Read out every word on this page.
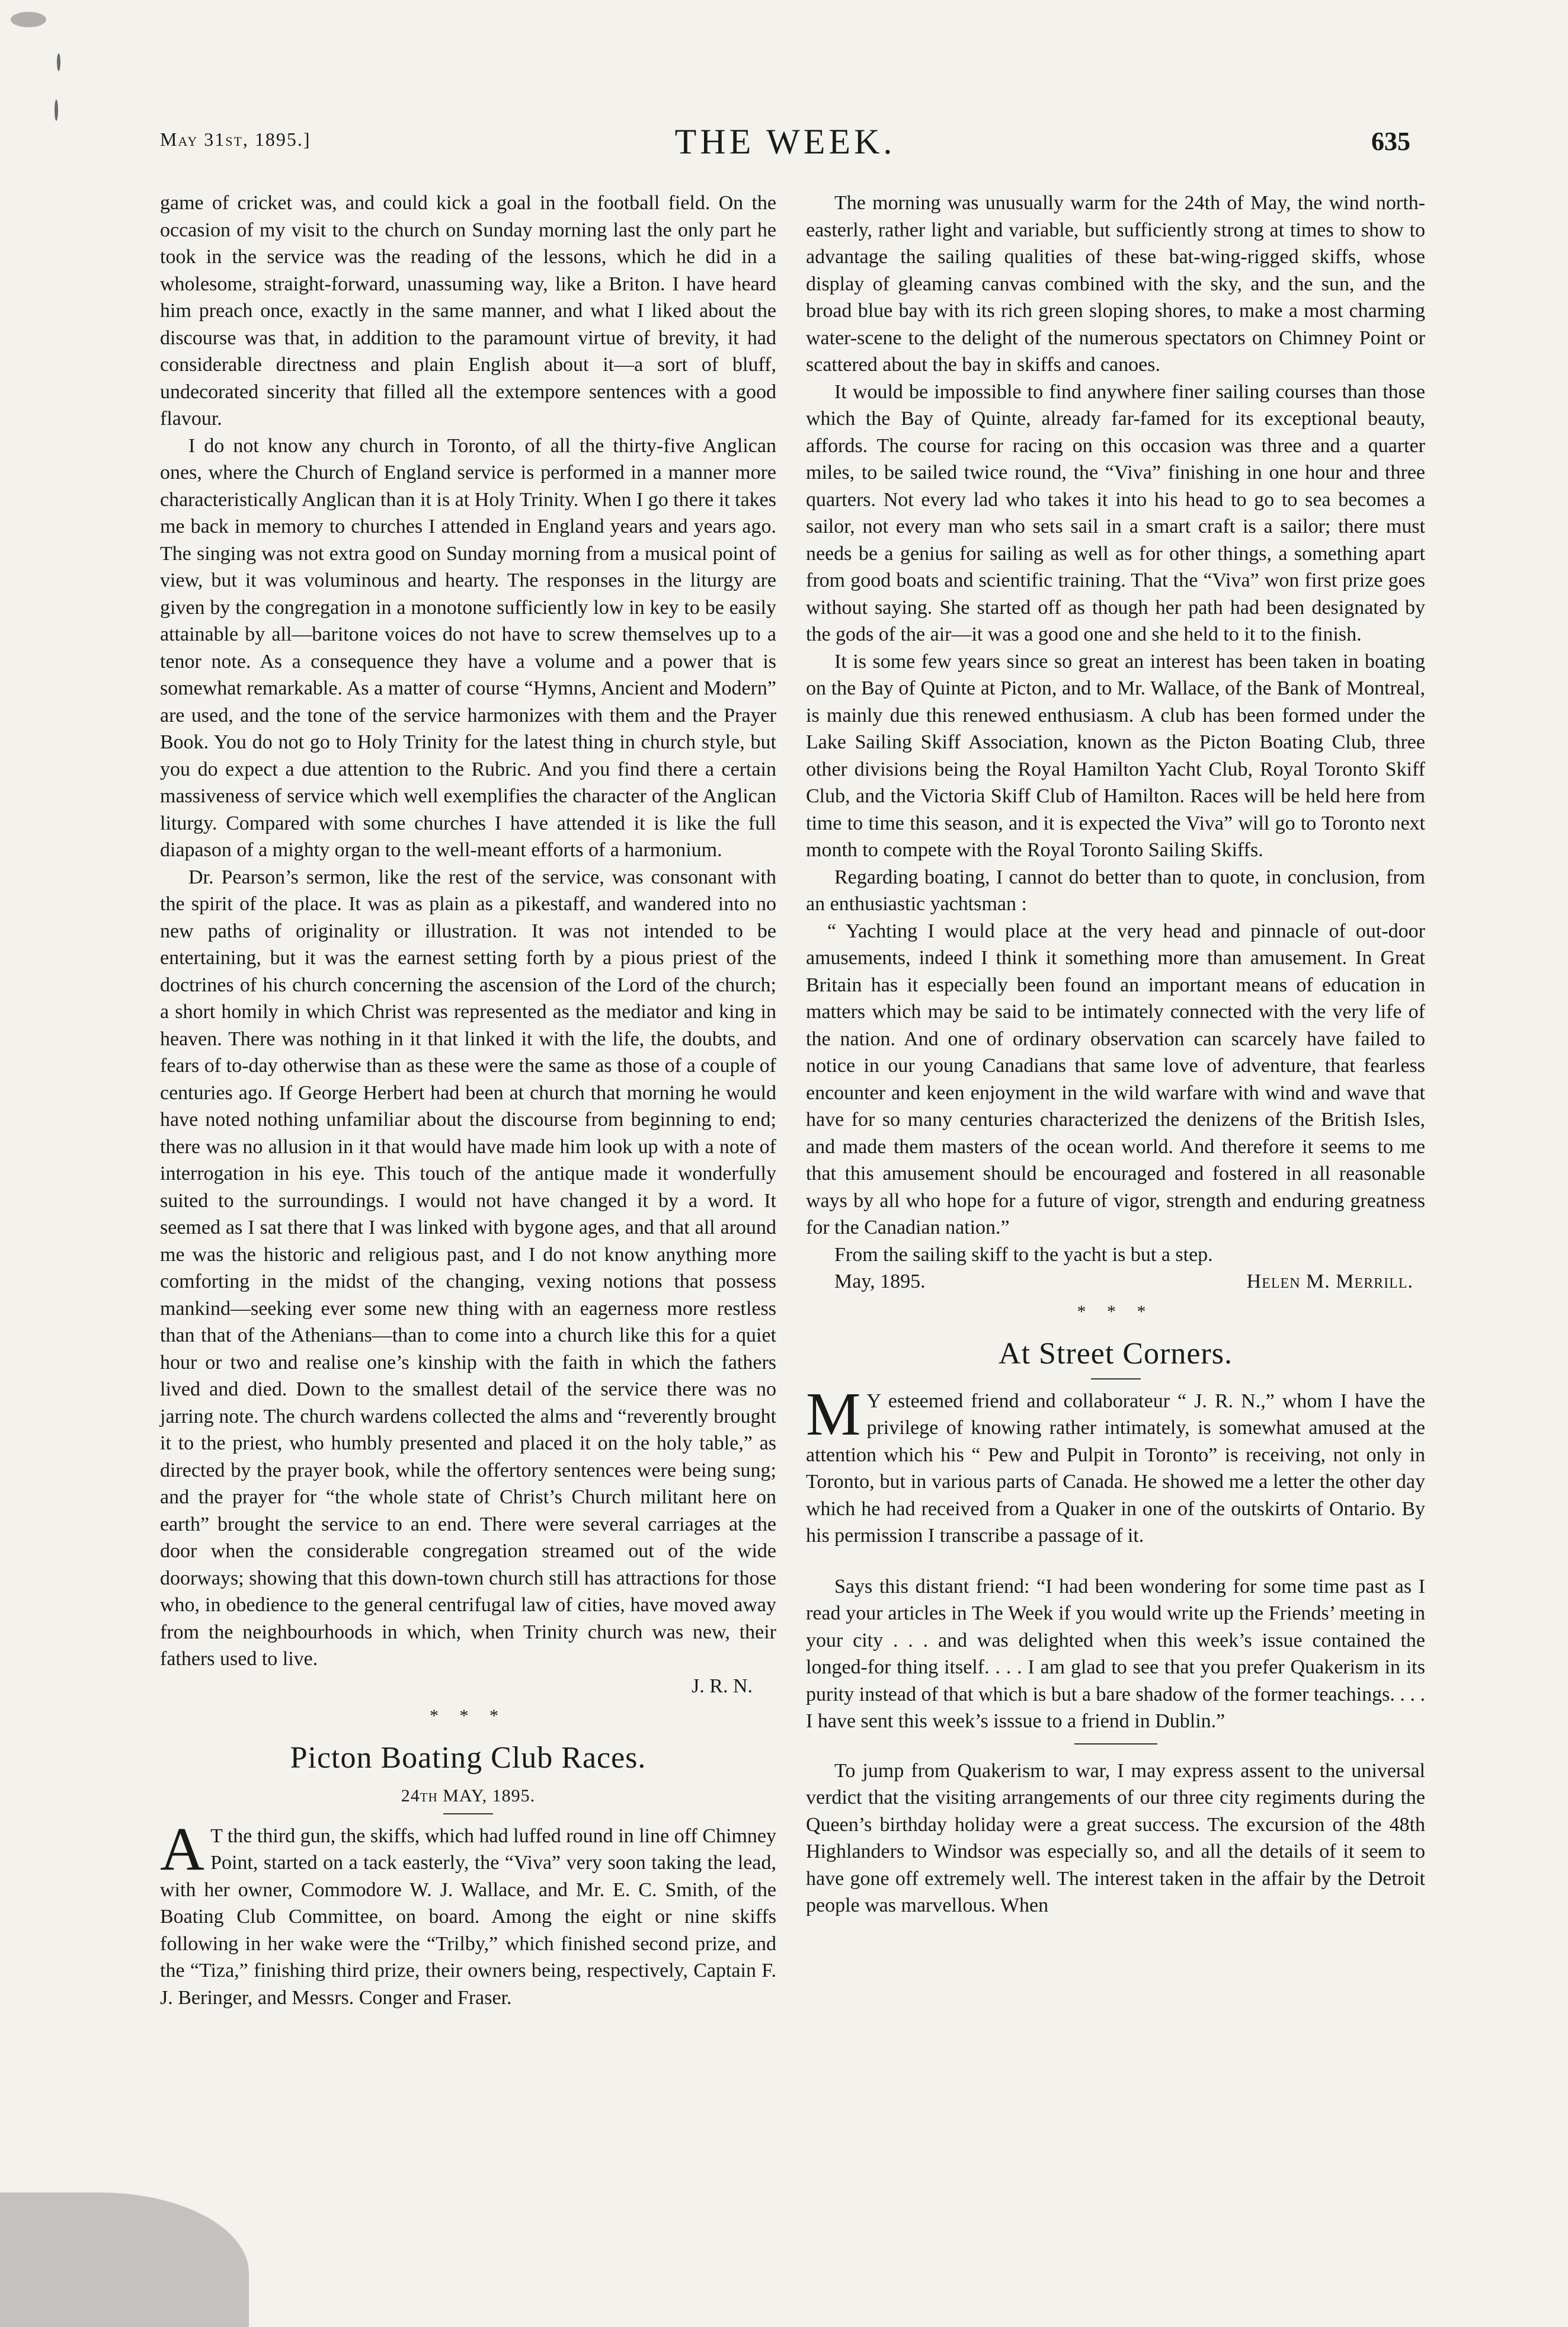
May 31st, 1895.]	THE WEEK.	635

game of cricket was, and could kick a goal in the football field. On the occasion of my visit to the church on Sunday morning last the only part he took in the service was the reading of the lessons, which he did in a wholesome, straight-forward, unassuming way, like a Briton. I have heard him preach once, exactly in the same manner, and what I liked about the discourse was that, in addition to the paramount virtue of brevity, it had considerable directness and plain English about it—a sort of bluff, undecorated sincerity that filled all the extempore sentences with a good flavour.

I do not know any church in Toronto, of all the thirty-five Anglican ones, where the Church of England service is performed in a manner more characteristically Anglican than it is at Holy Trinity. When I go there it takes me back in memory to churches I attended in England years and years ago. The singing was not extra good on Sunday morning from a musical point of view, but it was voluminous and hearty. The responses in the liturgy are given by the congregation in a monotone sufficiently low in key to be easily attainable by all—baritone voices do not have to screw themselves up to a tenor note. As a consequence they have a volume and a power that is somewhat remarkable. As a matter of course “Hymns, Ancient and Modern” are used, and the tone of the service harmonizes with them and the Prayer Book. You do not go to Holy Trinity for the latest thing in church style, but you do expect a due attention to the Rubric. And you find there a certain massiveness of service which well exemplifies the character of the Anglican liturgy. Compared with some churches I have attended it is like the full diapason of a mighty organ to the well-meant efforts of a harmonium.

Dr. Pearson’s sermon, like the rest of the service, was consonant with the spirit of the place. It was as plain as a pikestaff, and wandered into no new paths of originality or illustration. It was not intended to be entertaining, but it was the earnest setting forth by a pious priest of the doctrines of his church concerning the ascension of the Lord of the church; a short homily in which Christ was represented as the mediator and king in heaven. There was nothing in it that linked it with the life, the doubts, and fears of to-day otherwise than as these were the same as those of a couple of centuries ago. If George Herbert had been at church that morning he would have noted nothing unfamiliar about the discourse from beginning to end; there was no allusion in it that would have made him look up with a note of interrogation in his eye. This touch of the antique made it wonderfully suited to the surroundings. I would not have changed it by a word. It seemed as I sat there that I was linked with bygone ages, and that all around me was the historic and religious past, and I do not know anything more comforting in the midst of the changing, vexing notions that possess mankind—seeking ever some new thing with an eagerness more restless than that of the Athenians—than to come into a church like this for a quiet hour or two and realise one’s kinship with the faith in which the fathers lived and died. Down to the smallest detail of the service there was no jarring note. The church wardens collected the alms and “reverently brought it to the priest, who humbly presented and placed it on the holy table,” as directed by the prayer book, while the offertory sentences were being sung; and the prayer for “the whole state of Christ’s Church militant here on earth” brought the service to an end. There were several carriages at the door when the considerable congregation streamed out of the wide doorways; showing that this down-town church still has attractions for those who, in obedience to the general centrifugal law of cities, have moved away from the neighbourhoods in which, when Trinity church was new, their fathers used to live.

J. R. N.
* * *
Picton Boating Club Races.
24th MAY, 1895.

A T the third gun, the skiffs, which had luffed round in line off Chimney Point, started on a tack easterly, the “Viva” very soon taking the lead, with her owner, Commodore W. J. Wallace, and Mr. E. C. Smith, of the Boating Club Committee, on board. Among the eight or nine skiffs following in her wake were the “Trilby,” which finished second prize, and the “Tiza,” finishing third prize, their owners being, respectively, Captain F. J. Beringer, and Messrs. Conger and Fraser.

The morning was unusually warm for the 24th of May, the wind north-easterly, rather light and variable, but sufficiently strong at times to show to advantage the sailing qualities of these bat-wing-rigged skiffs, whose display of gleaming canvas combined with the sky, and the sun, and the broad blue bay with its rich green sloping shores, to make a most charming water-scene to the delight of the numerous spectators on Chimney Point or scattered about the bay in skiffs and canoes.

It would be impossible to find anywhere finer sailing courses than those which the Bay of Quinte, already far-famed for its exceptional beauty, affords. The course for racing on this occasion was three and a quarter miles, to be sailed twice round, the “Viva” finishing in one hour and three quarters. Not every lad who takes it into his head to go to sea becomes a sailor, not every man who sets sail in a smart craft is a sailor; there must needs be a genius for sailing as well as for other things, a something apart from good boats and scientific training. That the “Viva” won first prize goes without saying. She started off as though her path had been designated by the gods of the air—it was a good one and she held to it to the finish.

It is some few years since so great an interest has been taken in boating on the Bay of Quinte at Picton, and to Mr. Wallace, of the Bank of Montreal, is mainly due this renewed enthusiasm. A club has been formed under the Lake Sailing Skiff Association, known as the Picton Boating Club, three other divisions being the Royal Hamilton Yacht Club, Royal Toronto Skiff Club, and the Victoria Skiff Club of Hamilton. Races will be held here from time to time this season, and it is expected the Viva” will go to Toronto next month to compete with the Royal Toronto Sailing Skiffs.

Regarding boating, I cannot do better than to quote, in conclusion, from an enthusiastic yachtsman :

“ Yachting I would place at the very head and pinnacle of out-door amusements, indeed I think it something more than amusement. In Great Britain has it especially been found an important means of education in matters which may be said to be intimately connected with the very life of the nation. And one of ordinary observation can scarcely have failed to notice in our young Canadians that same love of adventure, that fearless encounter and keen enjoyment in the wild warfare with wind and wave that have for so many centuries characterized the denizens of the British Isles, and made them masters of the ocean world. And therefore it seems to me that this amusement should be encouraged and fostered in all reasonable ways by all who hope for a future of vigor, strength and enduring greatness for the Canadian nation.”

From the sailing skiff to the yacht is but a step.

May, 1895.	Helen M. Merrill.
* * *
At Street Corners.

M Y esteemed friend and collaborateur “ J. R. N.,” whom I have the privilege of knowing rather intimately, is somewhat amused at the attention which his “ Pew and Pulpit in Toronto” is receiving, not only in Toronto, but in various parts of Canada. He showed me a letter the other day which he had received from a Quaker in one of the outskirts of Ontario. By his permission I transcribe a passage of it.

Says this distant friend: “I had been wondering for some time past as I read your articles in The Week if you would write up the Friends’ meeting in your city . . . and was delighted when this week’s issue contained the longed-for thing itself. . . . I am glad to see that you prefer Quakerism in its purity instead of that which is but a bare shadow of the former teachings. . . . I have sent this week’s isssue to a friend in Dublin.”

To jump from Quakerism to war, I may express assent to the universal verdict that the visiting arrangements of our three city regiments during the Queen’s birthday holiday were a great success. The excursion of the 48th Highlanders to Windsor was especially so, and all the details of it seem to have gone off extremely well. The interest taken in the affair by the Detroit people was marvellous. When
